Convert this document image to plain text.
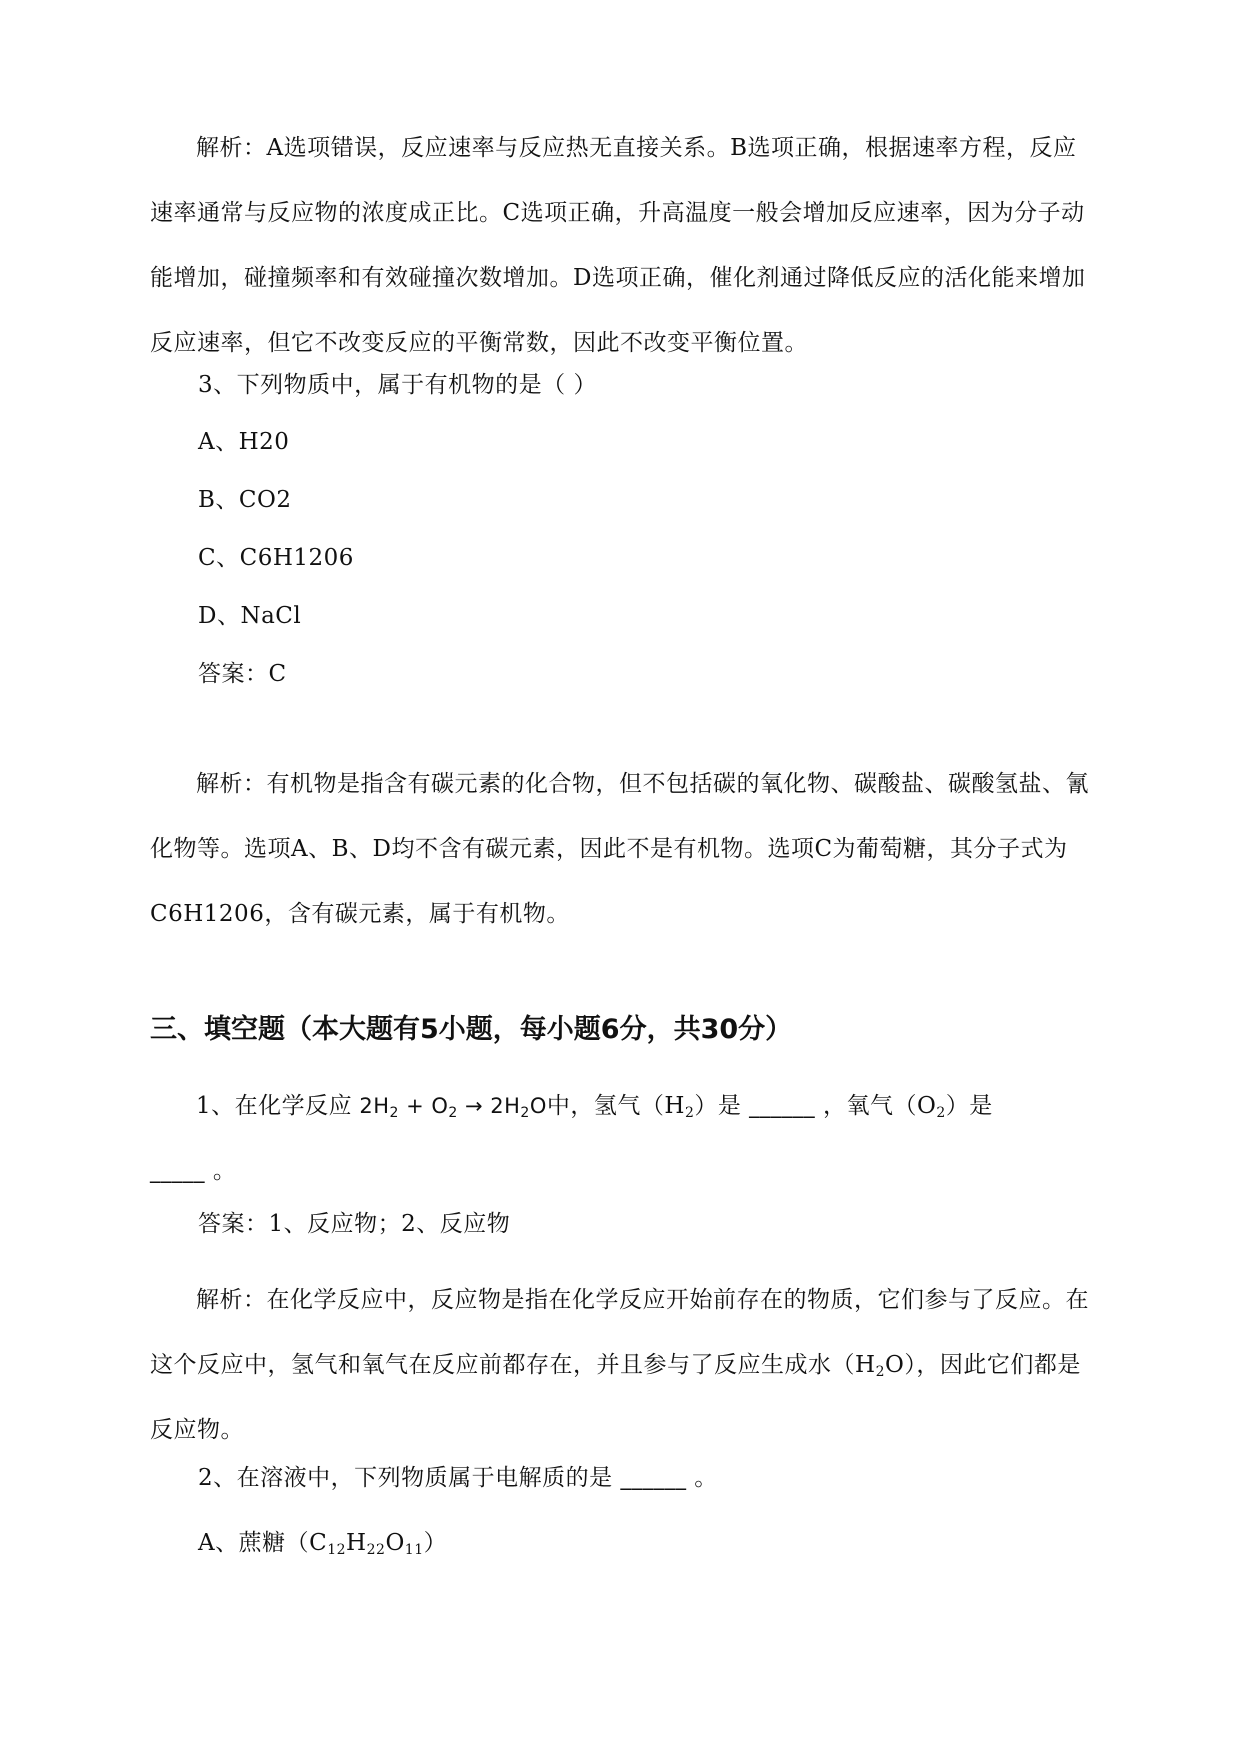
解析：A选项错误，反应速率与反应热无直接关系。B选项正确，根据速率方程，反应速率通常与反应物的浓度成正比。C选项正确，升高温度一般会增加反应速率，因为分子动能增加，碰撞频率和有效碰撞次数增加。D选项正确，催化剂通过降低反应的活化能来增加反应速率，但它不改变反应的平衡常数，因此不改变平衡位置。
3、下列物质中，属于有机物的是（ ）
A、H20
B、CO2
C、C6H1206
D、NaCl
答案：C
解析：有机物是指含有碳元素的化合物，但不包括碳的氧化物、碳酸盐、碳酸氢盐、氰化物等。选项A、B、D均不含有碳元素，因此不是有机物。选项C为葡萄糖，其分子式为C6H1206，含有碳元素，属于有机物。
三、填空题（本大题有5小题，每小题6分，共30分）
1、在化学反应 $2H_2 + O_2 \to 2H_2O$中，氢气$(H_2)$是 ______ ，氧气$(O_2)$是
_____ 。
答案：1、反应物；2、反应物
解析：在化学反应中，反应物是指在化学反应开始前存在的物质，它们参与了反应。在这个反应中，氢气和氧气在反应前都存在，并且参与了反应生成水$(H_2O)$，因此它们都是反应物。
2、在溶液中，下列物质属于电解质的是 ______ 。
A、蔗糖$(C_{12}H_{22}O_{11})$
